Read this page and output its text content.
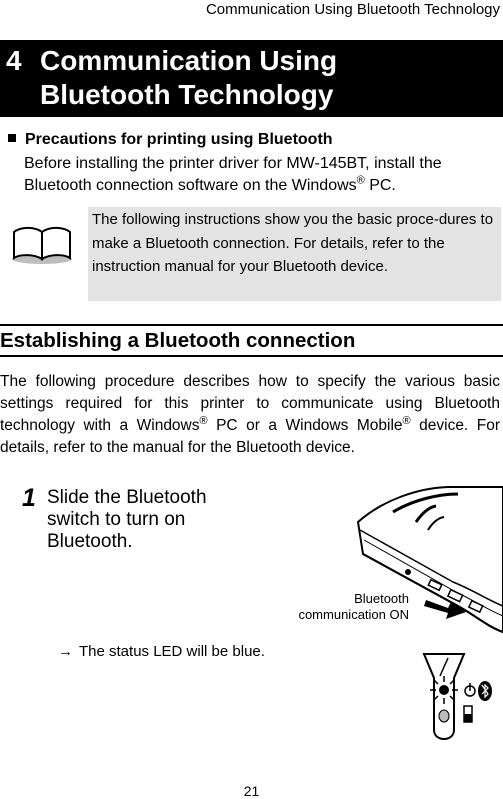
Communication Using Bluetooth Technology
4 Communication Using
Bluetooth Technology
Precautions for printing using Bluetooth
Before installing the printer driver for MW-145BT, install the Bluetooth connection software on the Windows® PC.
The following instructions show you the basic proce-dures to make a Bluetooth connection. For details, refer to the instruction manual for your Bluetooth device.
Establishing a Bluetooth connection
The following procedure describes how to specify the various basic settings required for this printer to communicate using Bluetooth technology with a Windows® PC or a Windows Mobile® device. For details, refer to the manual for the Bluetooth device.
1 Slide the Bluetooth switch to turn on Bluetooth.
→ The status LED will be blue.
Bluetooth
communication ON
21
